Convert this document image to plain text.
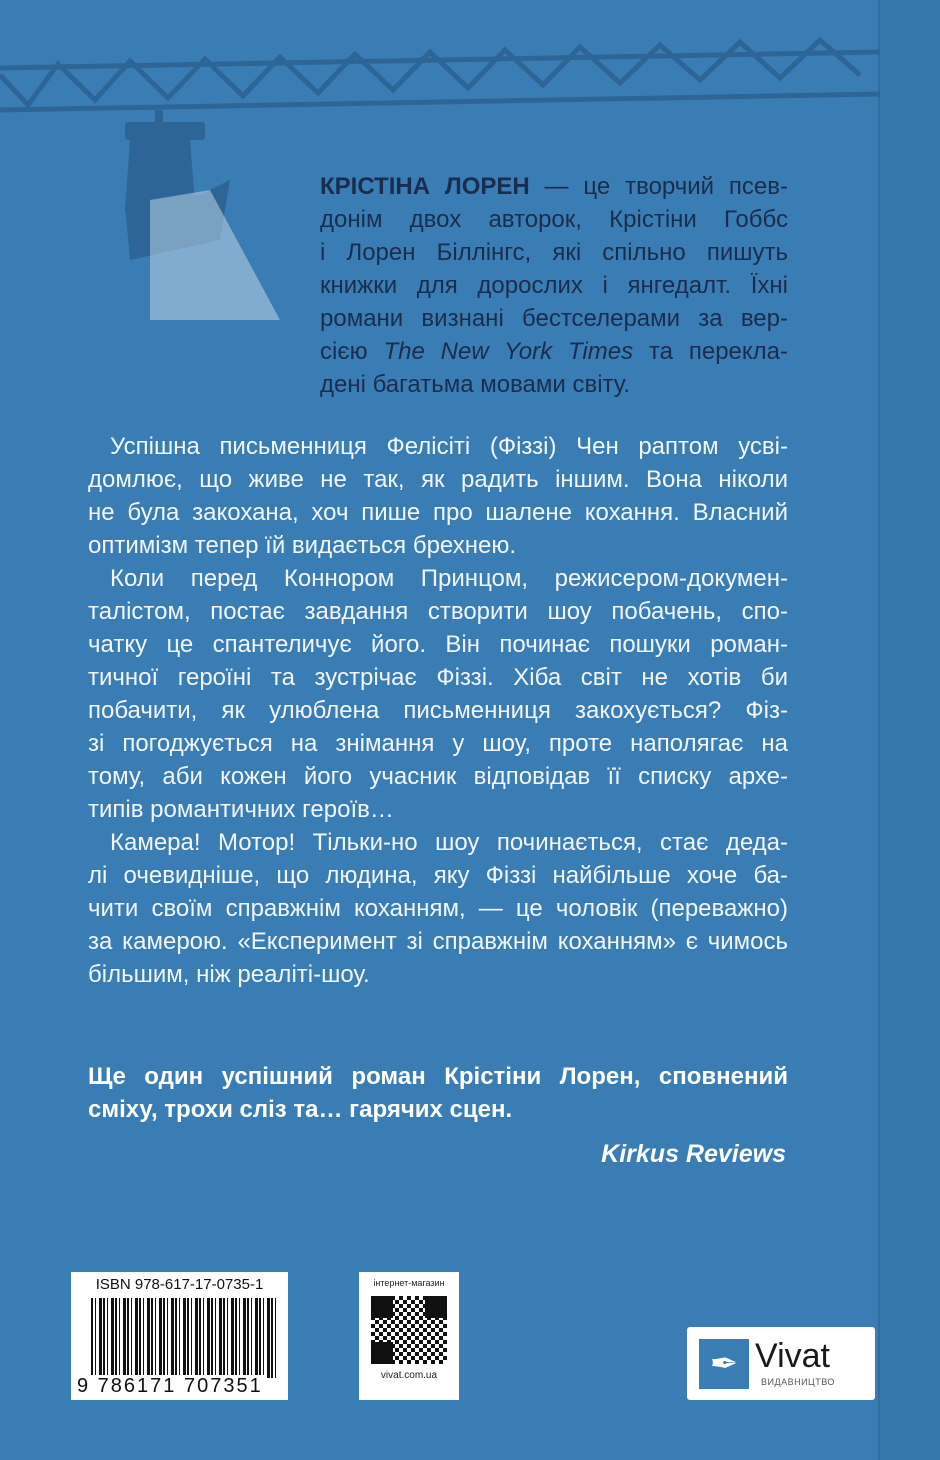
КРІСТІНА ЛОРЕН — це творчий псев-
донім двох авторок, Крістіни Гоббс
і Лорен Біллінгс, які спільно пишуть
книжки для дорослих і янгедалт. Їхні
романи визнані бестселерами за вер-
сією The New York Times та перекла-
дені багатьма мовами світу.
Успішна письменниця Фелісіті (Фіззі) Чен раптом усві-
домлює, що живе не так, як радить іншим. Вона ніколи
не була закохана, хоч пише про шалене кохання. Власний
оптимізм тепер їй видається брехнею.
Коли перед Коннором Принцом, режисером-докумен-
талістом, постає завдання створити шоу побачень, спо-
чатку це спантеличує його. Він починає пошуки роман-
тичної героїні та зустрічає Фіззі. Хіба світ не хотів би
побачити, як улюблена письменниця закохується? Фіз-
зі погоджується на знімання у шоу, проте наполягає на
тому, аби кожен його учасник відповідав її списку архе-
типів романтичних героїв…
Камера! Мотор! Тільки-но шоу починається, стає деда-
лі очевидніше, що людина, яку Фіззі найбільше хоче ба-
чити своїм справжнім коханням, — це чоловік (переважно)
за камерою. «Експеримент зі справжнім коханням» є чимось
більшим, ніж реаліті-шоу.
Ще один успішний роман Крістіни Лорен, сповнений
сміху, трохи сліз та… гарячих сцен.
Kirkus Reviews
ISBN 978-617-17-0735-1
9 786171 707351
інтернет-магазин
vivat.com.ua	✒ Vivat
ВИДАВНИЦТВО
